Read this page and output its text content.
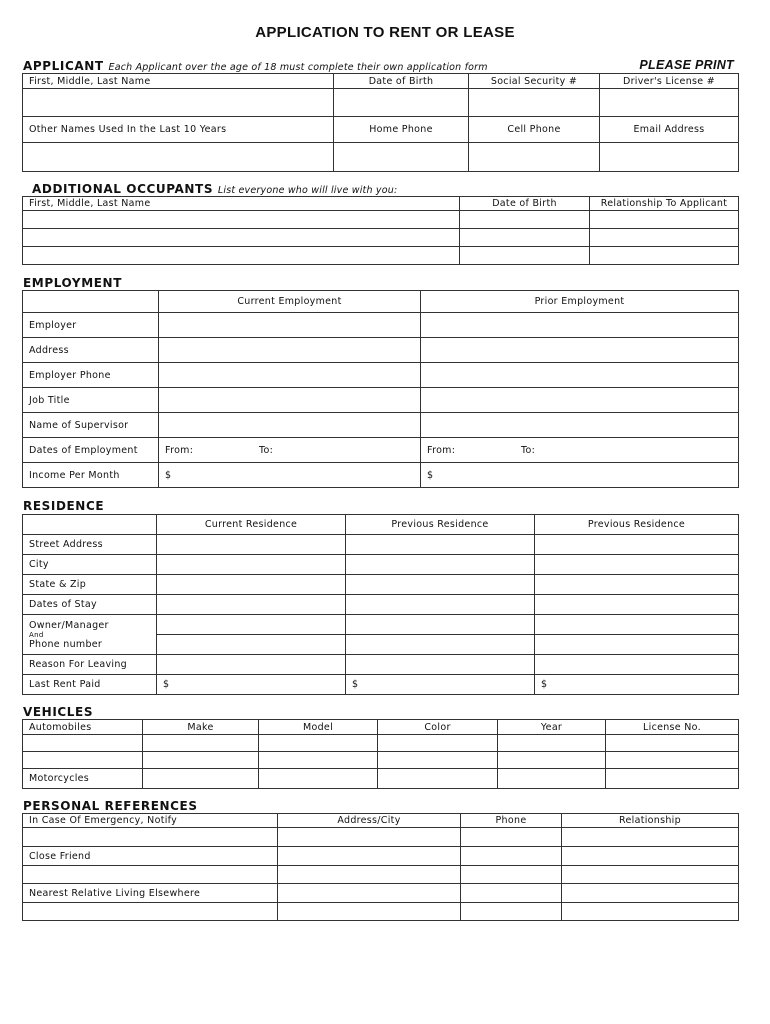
APPLICATION TO RENT OR LEASE
APPLICANT Each Applicant over the age of 18 must complete their own application form	PLEASE PRINT
First, Middle, Last Name	Date of Birth	Social Security #	Driver's License #

Other Names Used In the Last 10 Years	Home Phone	Cell Phone	Email Address

ADDITIONAL OCCUPANTS List everyone who will live with you:
First, Middle, Last Name	Date of Birth	Relationship To Applicant

EMPLOYMENT
	Current Employment	Prior Employment
Employer		
Address		
Employer Phone		
Job Title		
Name of Supervisor		
Dates of Employment	From: To:	From: To:

Income Per Month	$	$
RESIDENCE
	Current Residence	Previous Residence	Previous Residence
Street Address			
City			
State & Zip			
Dates of Stay			

Owner/Manager
And
Phone number			

Reason For Leaving			
Last Rent Paid	$	$	$
VEHICLES
Automobiles	Make	Model	Color	Year	License No.

Motorcycles					
PERSONAL REFERENCES
In Case Of Emergency, Notify	Address/City	Phone	Relationship

Close Friend			

Nearest Relative Living Elsewhere			
